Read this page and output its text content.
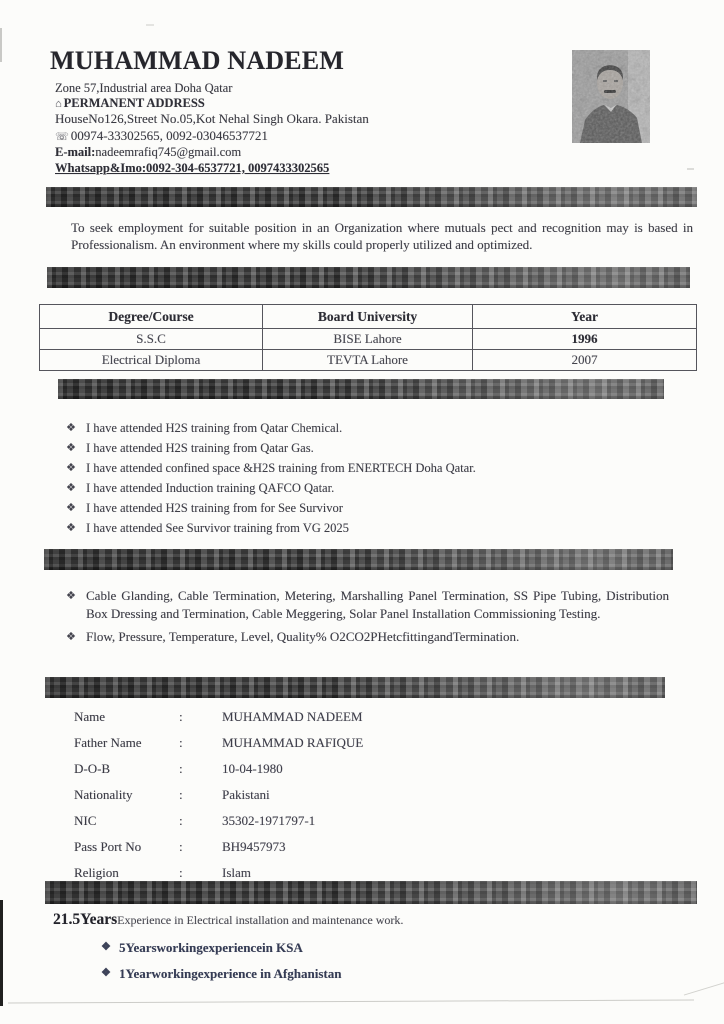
MUHAMMAD NADEEM
Zone 57,Industrial area Doha Qatar
⌂ PERMANENT ADDRESS
HouseNo126,Street No.05,Kot Nehal Singh Okara. Pakistan
☏ 00974-33302565, 0092-03046537721
E-mail:nadeemrafiq745@gmail.com
Whatsapp&Imo:0092-304-6537721, 0097433302565
To seek employment for suitable position in an Organization where mutuals pect and recognition may is based in
Professionalism. An environment where my skills could properly utilized and optimized.
Degree/Course	Board University	Year
S.S.C	BISE Lahore	1996
Electrical Diploma	TEVTA Lahore	2007
❖ I have attended H2S training from Qatar Chemical.
❖ I have attended H2S training from Qatar Gas.
❖ I have attended confined space &H2S training from ENERTECH Doha Qatar.
❖ I have attended Induction training QAFCO Qatar.
❖ I have attended H2S training from for See Survivor
❖ I have attended See Survivor training from VG 2025
❖ Cable Glanding, Cable Termination, Metering, Marshalling Panel Termination, SS Pipe Tubing, Distribution Box Dressing and Termination, Cable Meggering, Solar Panel Installation Commissioning Testing.
❖ Flow, Pressure, Temperature, Level, Quality% O2CO2PHetcfittingandTermination.
Name	:	MUHAMMAD NADEEM
Father Name	:	MUHAMMAD RAFIQUE
D-O-B	:	10-04-1980
Nationality	:	Pakistani
NIC	:	35302-1971797-1
Pass Port No	:	BH9457973
Religion	:	Islam
21.5YearsExperience in Electrical installation and maintenance work.
❖ 5Yearsworkingexperiencein KSA
❖ 1Yearworkingexperience in Afghanistan
